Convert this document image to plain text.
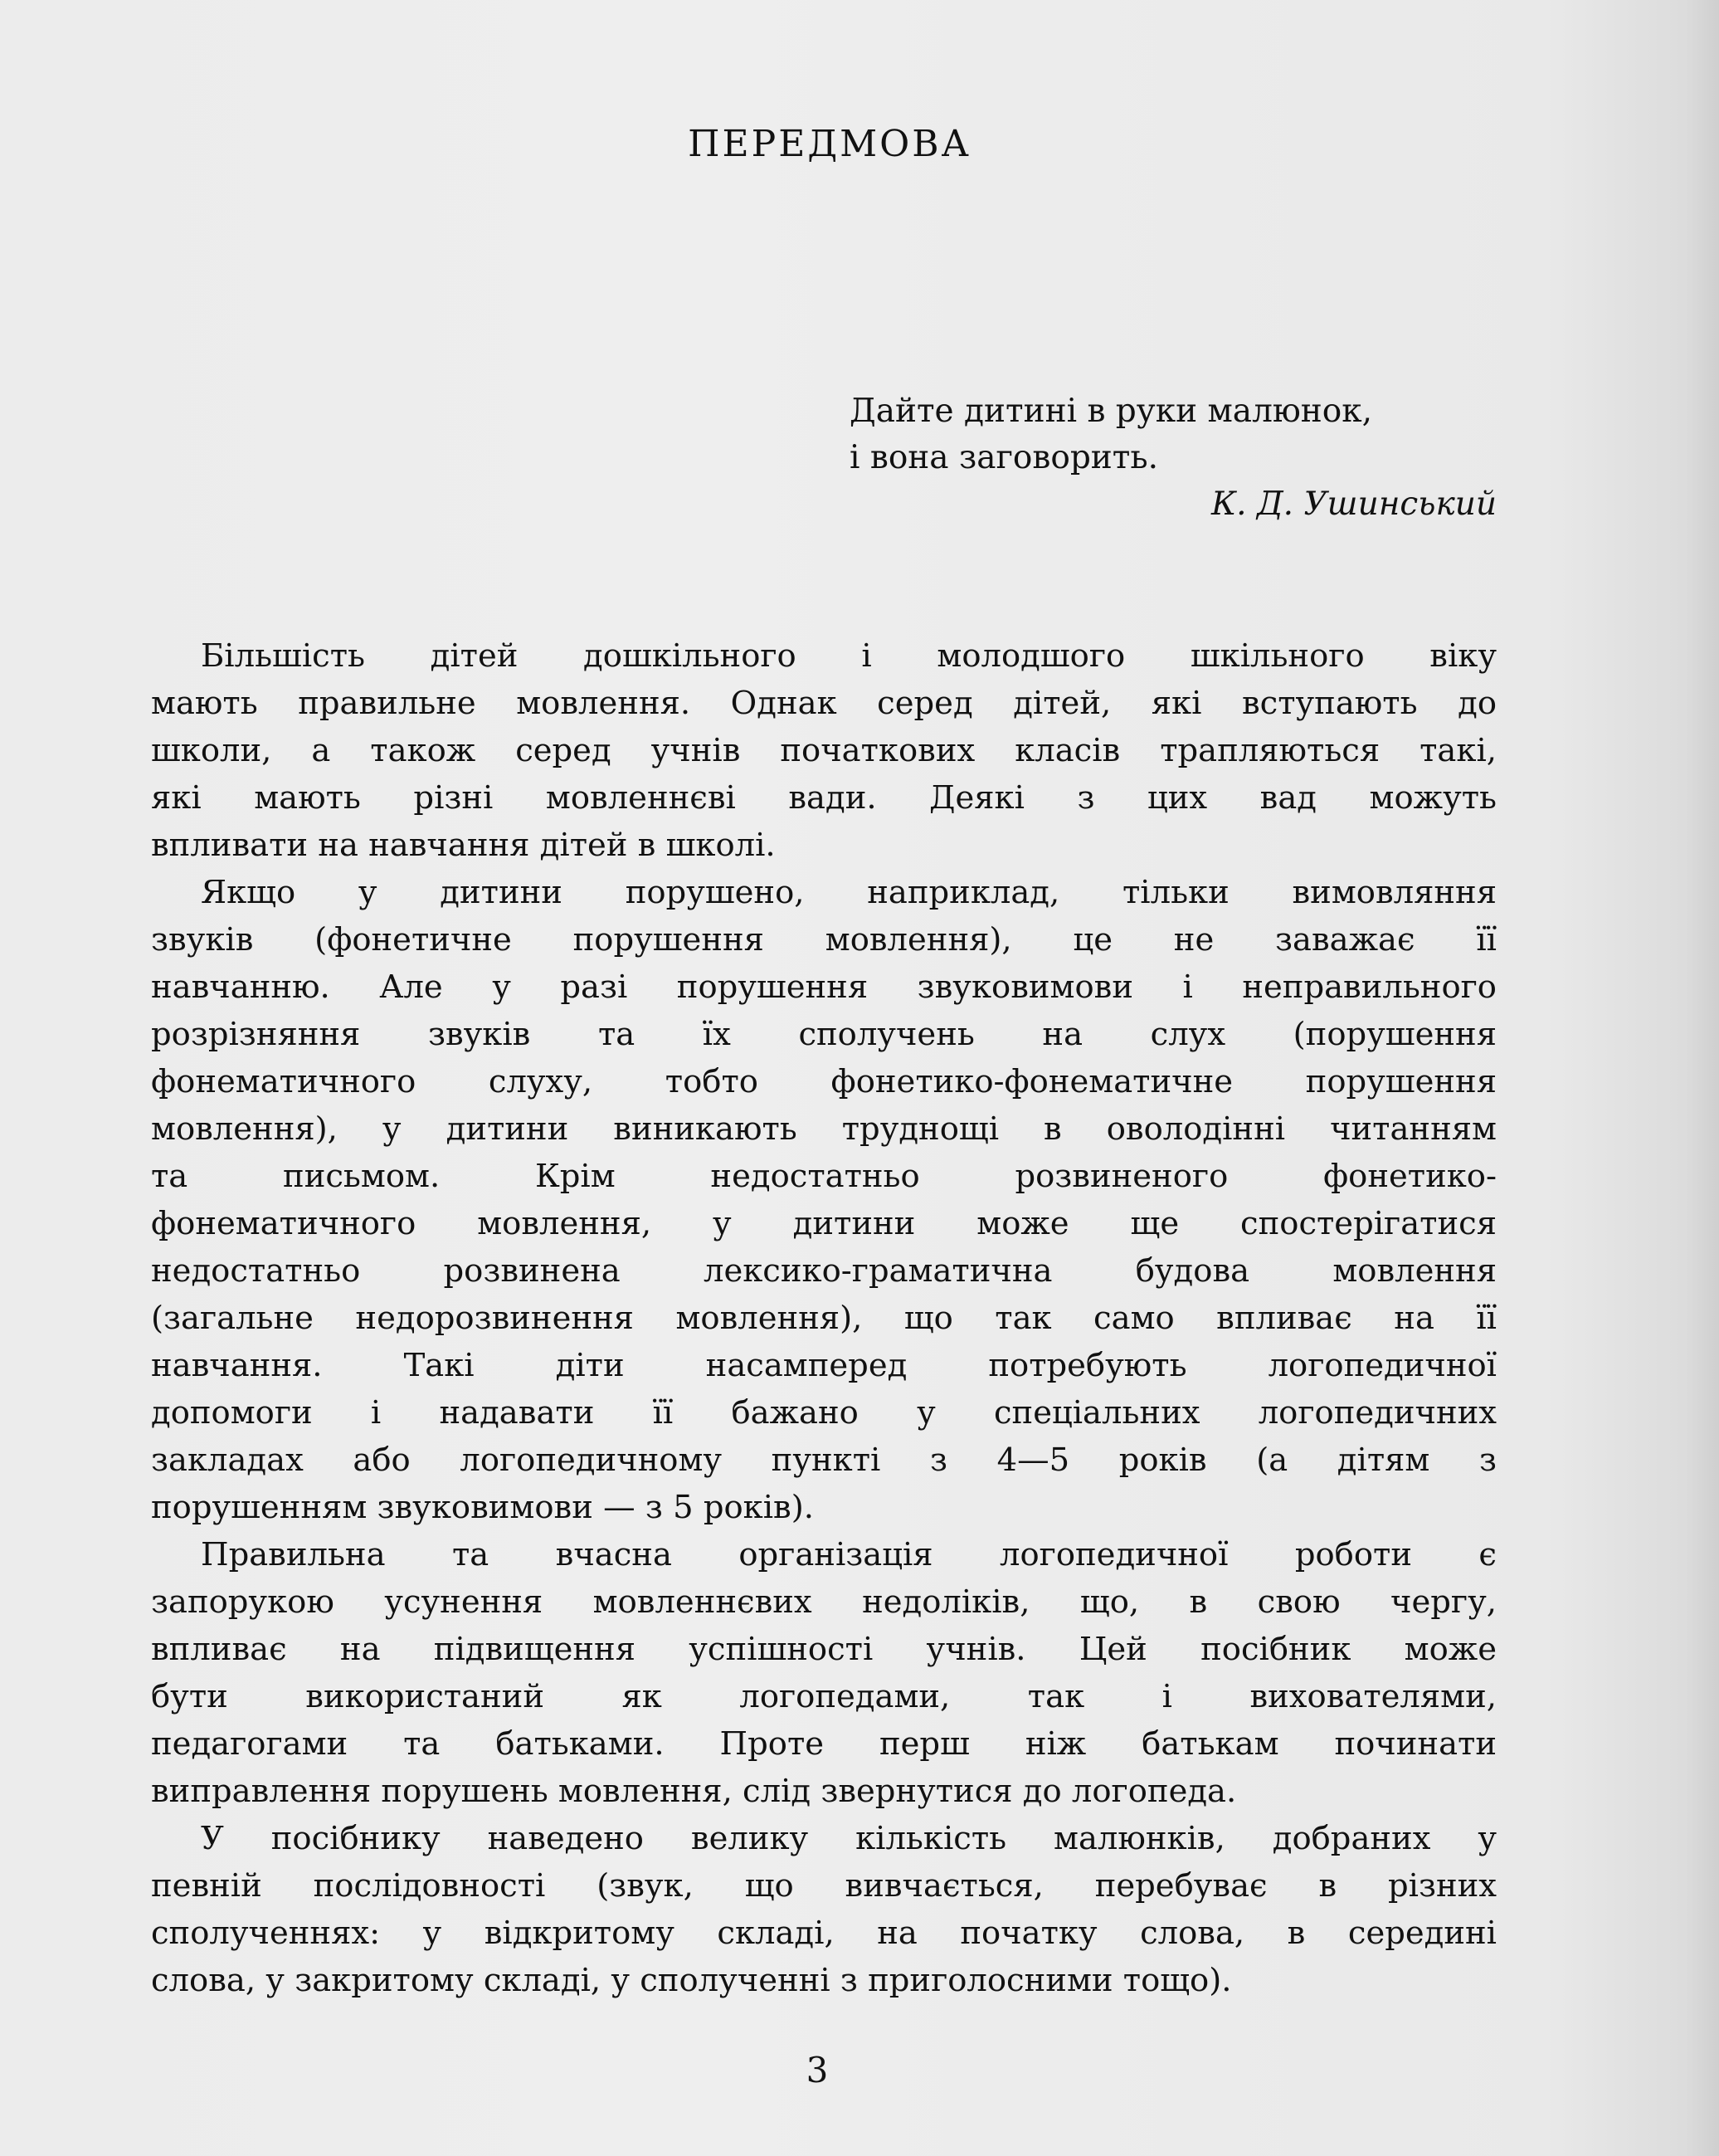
ПЕРЕДМОВА
Дайте дитині в руки малюнок,
і вона заговорить.
К. Д. Ушинський

Більшість дітей дошкільного і молодшого шкільного віку
мають правильне мовлення. Однак серед дітей, які вступають до
школи, а також серед учнів початкових класів трапляються такі,
які мають різні мовленнєві вади. Деякі з цих вад можуть
впливати на навчання дітей в школі.

Якщо у дитини порушено, наприклад, тільки вимовляння
звуків (фонетичне порушення мовлення), це не заважає її
навчанню. Але у разі порушення звуковимови і неправильного
розрізняння звуків та їх сполучень на слух (порушення
фонематичного слуху, тобто фонетико-фонематичне порушення
мовлення), у дитини виникають труднощі в оволодінні читанням
та письмом. Крім недостатньо розвиненого фонетико-
фонематичного мовлення, у дитини може ще спостерігатися
недостатньо розвинена лексико-граматична будова мовлення
(загальне недорозвинення мовлення), що так само впливає на її
навчання. Такі діти насамперед потребують логопедичної
допомоги і надавати її бажано у спеціальних логопедичних
закладах або логопедичному пункті з 4—5 років (а дітям з
порушенням звуковимови — з 5 років).

Правильна та вчасна організація логопедичної роботи є
запорукою усунення мовленнєвих недоліків, що, в свою чергу,
впливає на підвищення успішності учнів. Цей посібник може
бути використаний як логопедами, так і вихователями,
педагогами та батьками. Проте перш ніж батькам починати
виправлення порушень мовлення, слід звернутися до логопеда.

У посібнику наведено велику кількість малюнків, добраних у
певній послідовності (звук, що вивчається, перебуває в різних
сполученнях: у відкритому складі, на початку слова, в середині
слова, у закритому складі, у сполученні з приголосними тощо).

3
